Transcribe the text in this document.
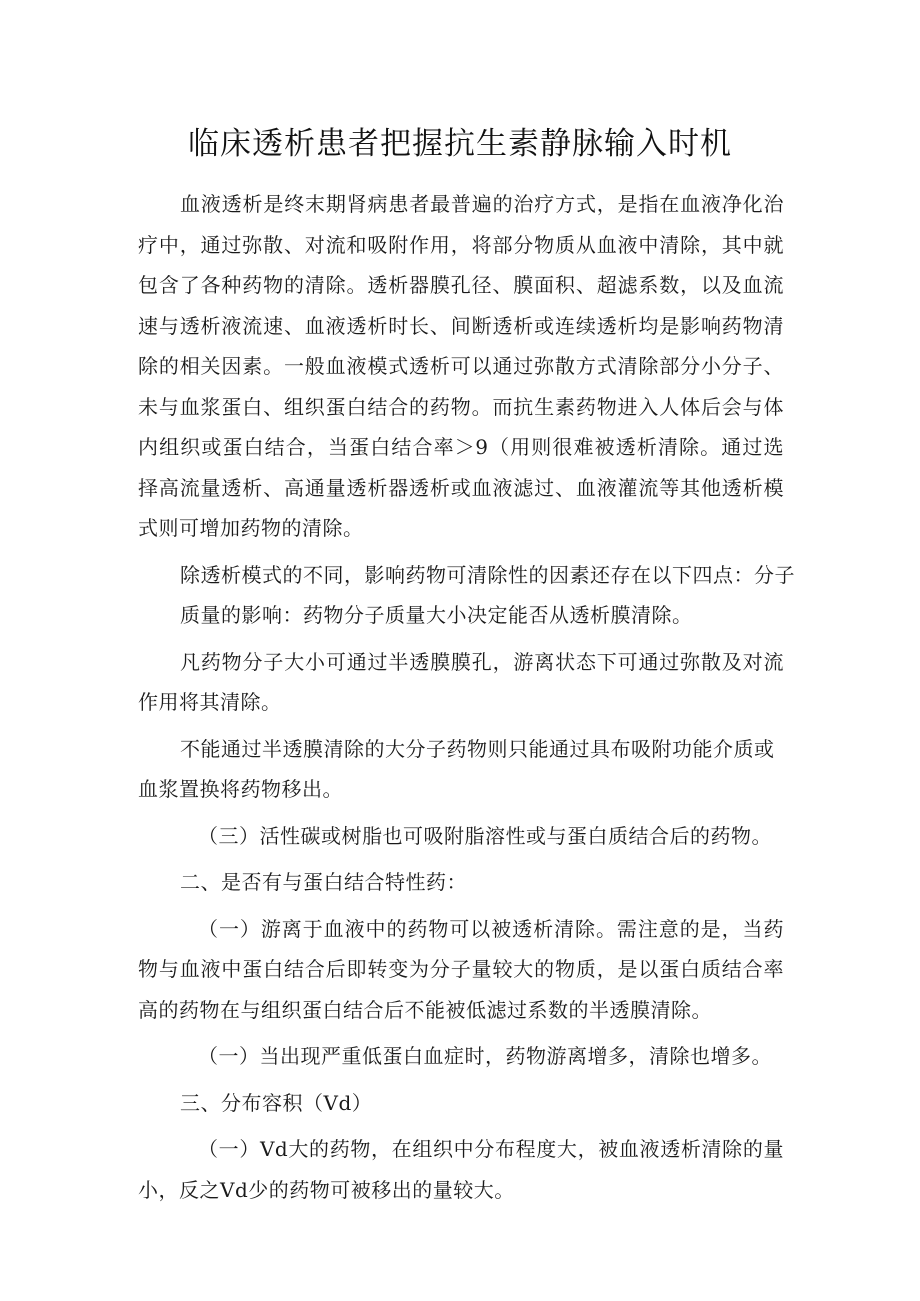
临床透析患者把握抗生素静脉输入时机

血液透析是终末期肾病患者最普遍的治疗方式，是指在血液净化治疗中，通过弥散、对流和吸附作用，将部分物质从血液中清除，其中就包含了各种药物的清除。透析器膜孔径、膜面积、超滤系数，以及血流速与透析液流速、血液透析时长、间断透析或连续透析均是影响药物清除的相关因素。一般血液模式透析可以通过弥散方式清除部分小分子、未与血浆蛋白、组织蛋白结合的药物。而抗生素药物进入人体后会与体内组织或蛋白结合，当蛋白结合率＞9（用则很难被透析清除。通过选择高流量透析、高通量透析器透析或血液滤过、血液灌流等其他透析模式则可增加药物的清除。

除透析模式的不同，影响药物可清除性的因素还存在以下四点：分子

质量的影响：药物分子质量大小决定能否从透析膜清除。

凡药物分子大小可通过半透膜膜孔，游离状态下可通过弥散及对流作用将其清除。

不能通过半透膜清除的大分子药物则只能通过具布吸附功能介质或

血浆置换将药物移出。

（三）活性碳或树脂也可吸附脂溶性或与蛋白质结合后的药物。

二、是否有与蛋白结合特性药：

（一）游离于血液中的药物可以被透析清除。需注意的是，当药物与血液中蛋白结合后即转变为分子量较大的物质，是以蛋白质结合率高的药物在与组织蛋白结合后不能被低滤过系数的半透膜清除。

（一）当出现严重低蛋白血症时，药物游离增多，清除也增多。

三、分布容积（Vd）

（一）Vd大的药物，在组织中分布程度大，被血液透析清除的量小，反之Vd少的药物可被移出的量较大。
